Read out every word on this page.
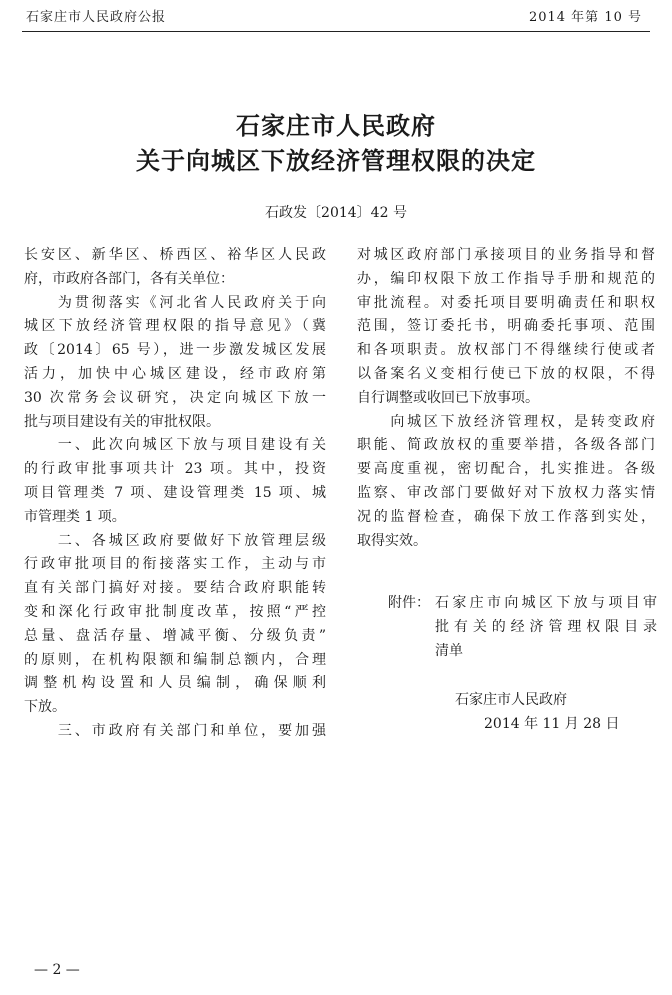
石家庄市人民政府公报	2014 年第 10 号
石家庄市人民政府
关于向城区下放经济管理权限的决定
石政发〔2014〕42 号
长安区、新华区、桥西区、裕华区人民政
府，市政府各部门，各有关单位：
　　为贯彻落实《河北省人民政府关于向
城区下放经济管理权限的指导意见》（冀
政〔2014〕65 号），进一步激发城区发展
活力，加快中心城区建设，经市政府第
30 次常务会议研究，决定向城区下放一
批与项目建设有关的审批权限。
　　一、此次向城区下放与项目建设有关
的行政审批事项共计 23 项。其中，投资
项目管理类 7 项、建设管理类 15 项、城
市管理类 1 项。
　　二、各城区政府要做好下放管理层级
行政审批项目的衔接落实工作，主动与市
直有关部门搞好对接。要结合政府职能转
变和深化行政审批制度改革，按照“严控
总量、盘活存量、增减平衡、分级负责”
的原则，在机构限额和编制总额内，合理
调整机构设置和人员编制，确保顺利
下放。
　　三、市政府有关部门和单位，要加强
对城区政府部门承接项目的业务指导和督
办，编印权限下放工作指导手册和规范的
审批流程。对委托项目要明确责任和职权
范围，签订委托书，明确委托事项、范围
和各项职责。放权部门不得继续行使或者
以备案名义变相行使已下放的权限，不得
自行调整或收回已下放事项。
　　向城区下放经济管理权，是转变政府
职能、简政放权的重要举措，各级各部门
要高度重视，密切配合，扎实推进。各级
监察、审改部门要做好对下放权力落实情
况的监督检查，确保下放工作落到实处，
取得实效。
附件： 石家庄市向城区下放与项目审
批有关的经济管理权限目录
清单
石家庄市人民政府
2014 年 11 月 28 日
— 2 —
